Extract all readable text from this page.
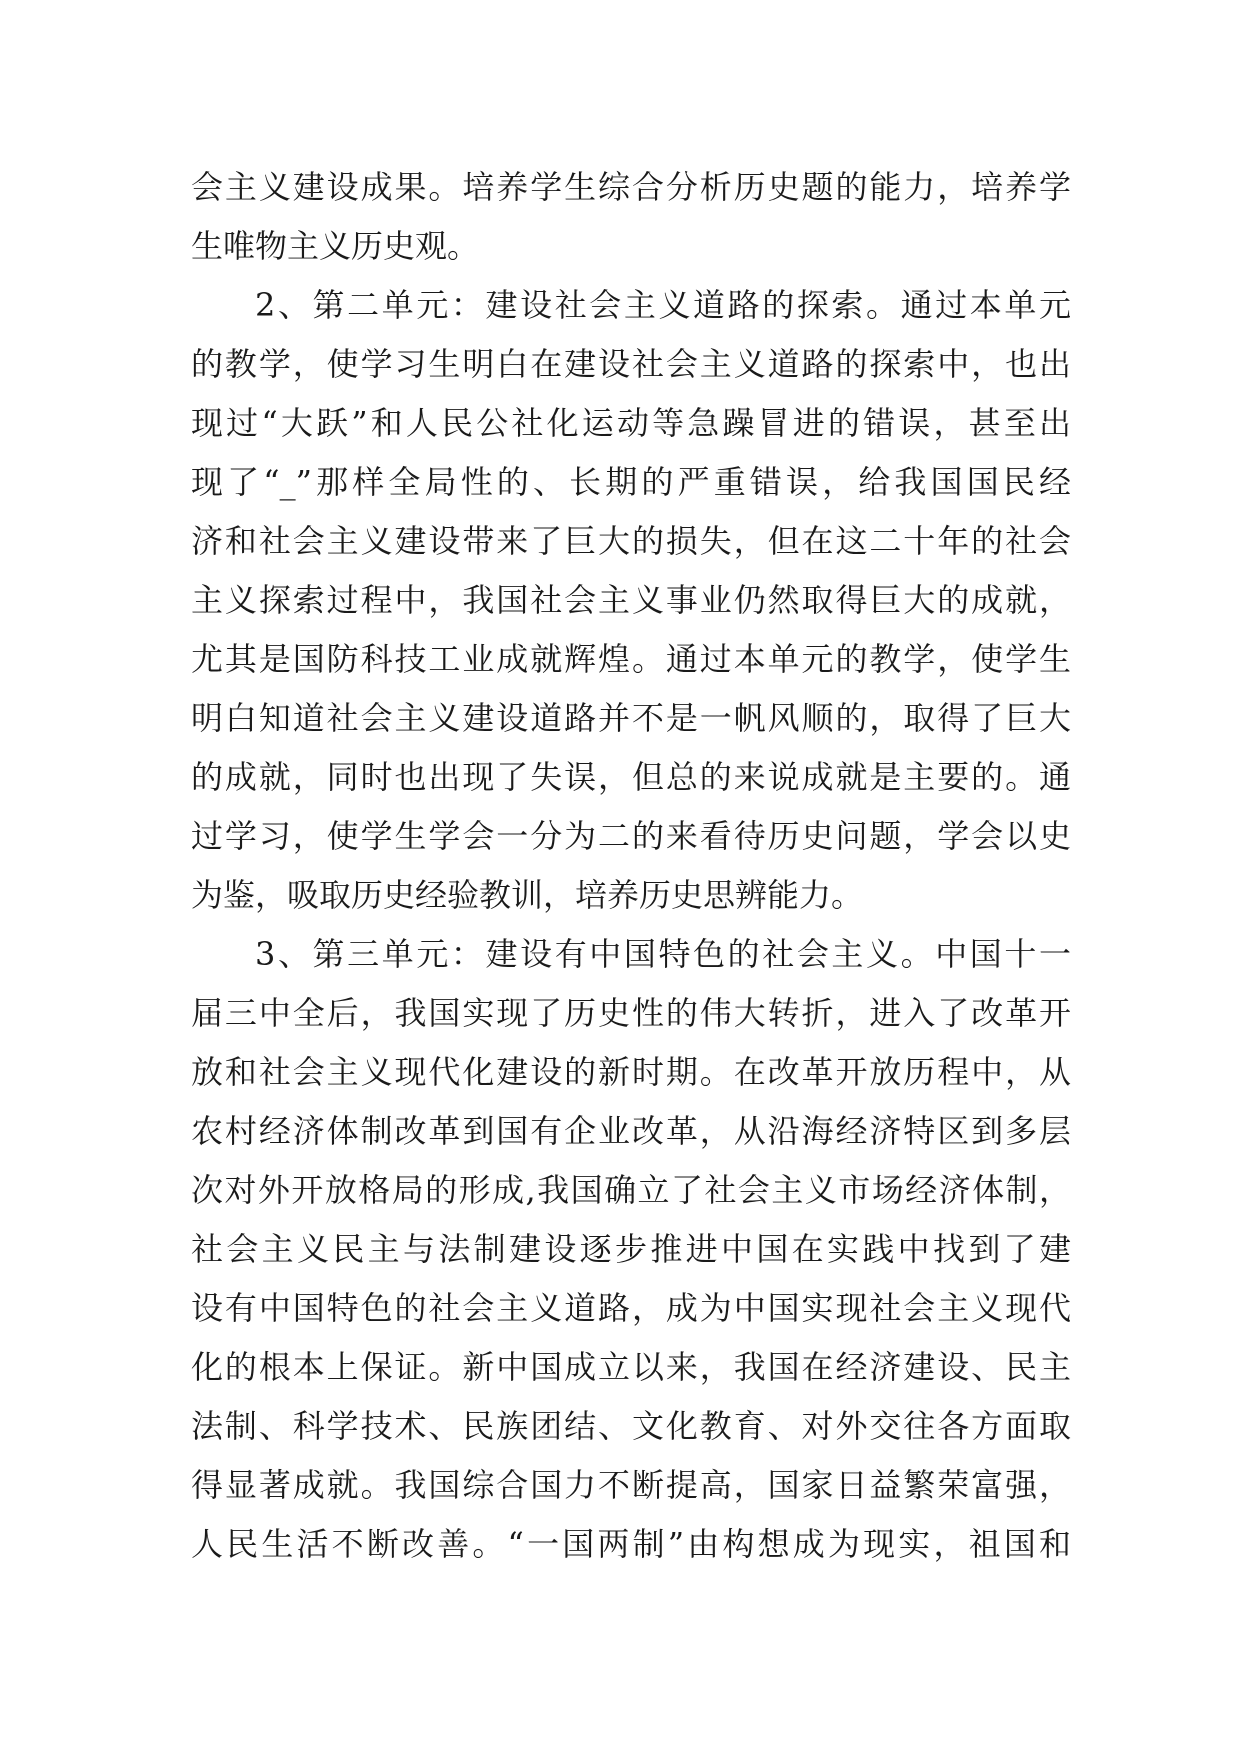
会主义建设成果。培养学生综合分析历史题的能力，培养学
生唯物主义历史观。
2、第二单元：建设社会主义道路的探索。通过本单元
的教学，使学习生明白在建设社会主义道路的探索中，也出
现过“大跃”和人民公社化运动等急躁冒进的错误，甚至出
现了“_”那样全局性的、长期的严重错误，给我国国民经
济和社会主义建设带来了巨大的损失，但在这二十年的社会
主义探索过程中，我国社会主义事业仍然取得巨大的成就，
尤其是国防科技工业成就辉煌。通过本单元的教学，使学生
明白知道社会主义建设道路并不是一帆风顺的，取得了巨大
的成就，同时也出现了失误，但总的来说成就是主要的。通
过学习，使学生学会一分为二的来看待历史问题，学会以史
为鉴，吸取历史经验教训，培养历史思辨能力。
3、第三单元：建设有中国特色的社会主义。中国十一
届三中全后，我国实现了历史性的伟大转折，进入了改革开
放和社会主义现代化建设的新时期。在改革开放历程中，从
农村经济体制改革到国有企业改革，从沿海经济特区到多层
次对外开放格局的形成,我国确立了社会主义市场经济体制，
社会主义民主与法制建设逐步推进中国在实践中找到了建
设有中国特色的社会主义道路，成为中国实现社会主义现代
化的根本上保证。新中国成立以来，我国在经济建设、民主
法制、科学技术、民族团结、文化教育、对外交往各方面取
得显著成就。我国综合国力不断提高，国家日益繁荣富强，
人民生活不断改善。“一国两制”由构想成为现实，祖国和
